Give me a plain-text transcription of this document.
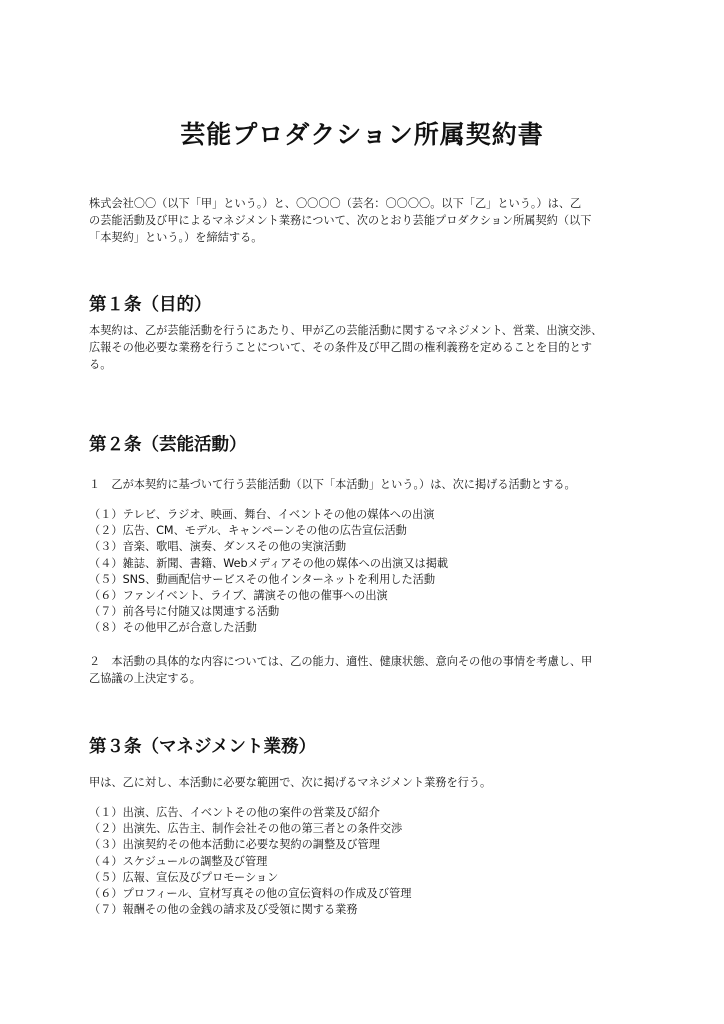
芸能プロダクション所属契約書
株式会社〇〇（以下「甲」という。）と、〇〇〇〇（芸名：〇〇〇〇。以下「乙」という。）は、乙
の芸能活動及び甲によるマネジメント業務について、次のとおり芸能プロダクション所属契約（以下
「本契約」という。）を締結する。
第１条（目的）
本契約は、乙が芸能活動を行うにあたり、甲が乙の芸能活動に関するマネジメント、営業、出演交渉、
広報その他必要な業務を行うことについて、その条件及び甲乙間の権利義務を定めることを目的とす
る。
第２条（芸能活動）
１　乙が本契約に基づいて行う芸能活動（以下「本活動」という。）は、次に掲げる活動とする。
（１）テレビ、ラジオ、映画、舞台、イベントその他の媒体への出演
（２）広告、CM、モデル、キャンペーンその他の広告宣伝活動
（３）音楽、歌唱、演奏、ダンスその他の実演活動
（４）雑誌、新聞、書籍、Webメディアその他の媒体への出演又は掲載
（５）SNS、動画配信サービスその他インターネットを利用した活動
（６）ファンイベント、ライブ、講演その他の催事への出演
（７）前各号に付随又は関連する活動
（８）その他甲乙が合意した活動
２　本活動の具体的な内容については、乙の能力、適性、健康状態、意向その他の事情を考慮し、甲
乙協議の上決定する。
第３条（マネジメント業務）
甲は、乙に対し、本活動に必要な範囲で、次に掲げるマネジメント業務を行う。
（１）出演、広告、イベントその他の案件の営業及び紹介
（２）出演先、広告主、制作会社その他の第三者との条件交渉
（３）出演契約その他本活動に必要な契約の調整及び管理
（４）スケジュールの調整及び管理
（５）広報、宣伝及びプロモーション
（６）プロフィール、宣材写真その他の宣伝資料の作成及び管理
（７）報酬その他の金銭の請求及び受領に関する業務
